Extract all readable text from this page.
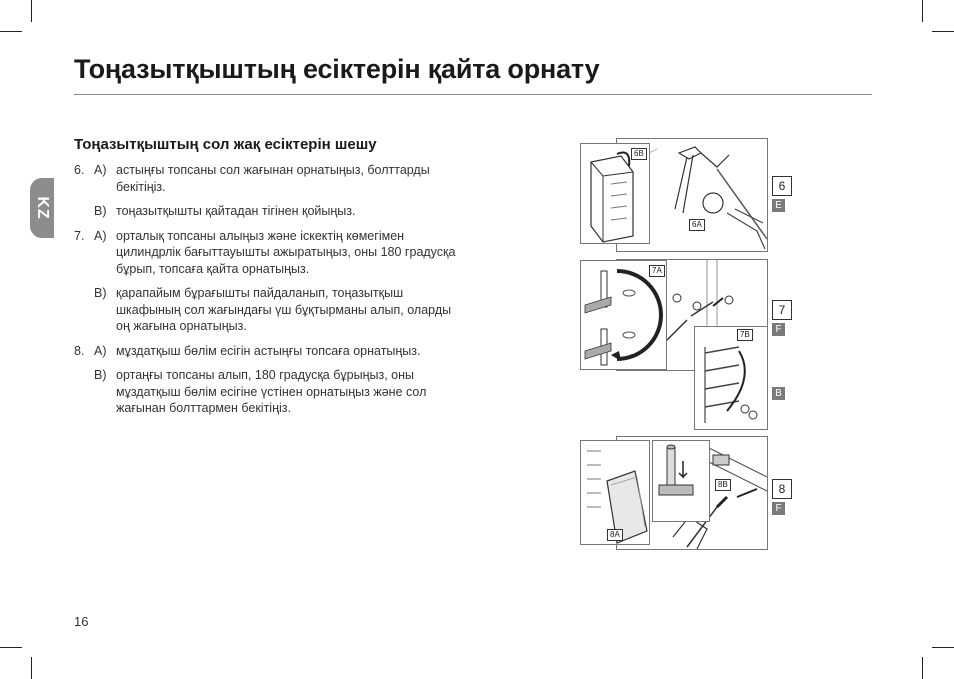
Тоңазытқыштың есіктерін қайта орнату
KZ
Тоңазытқыштың сол жақ есіктерін шешу
6. A) астыңғы топсаны сол жағынан орнатыңыз, болттарды бекітіңіз.
B) тоңазытқышты қайтадан тігінен қойыңыз.
7. A) орталық топсаны алыңыз және іскектің көмегімен цилиндрлік бағыттауышты ажыратыңыз, оны 180 градусқа бұрып, топсаға қайта орнатыңыз.
B) қарапайым бұрағышты пайдаланып, тоңазытқыш шкафының сол жағындағы үш бұқтырманы алып, оларды оң жағына орнатыңыз.
8. A) мұздатқыш бөлім есігін астыңғы топсаға орнатыңыз.
B) ортаңғы топсаны алып, 180 градусқа бұрыңыз, оны мұздатқыш бөлім есігіне үстінен орнатыңыз және сол жағынан болттармен бекітіңіз.
16
6A
6B
6
E
7A
7B
7
F
B
8B
8A
8
F
